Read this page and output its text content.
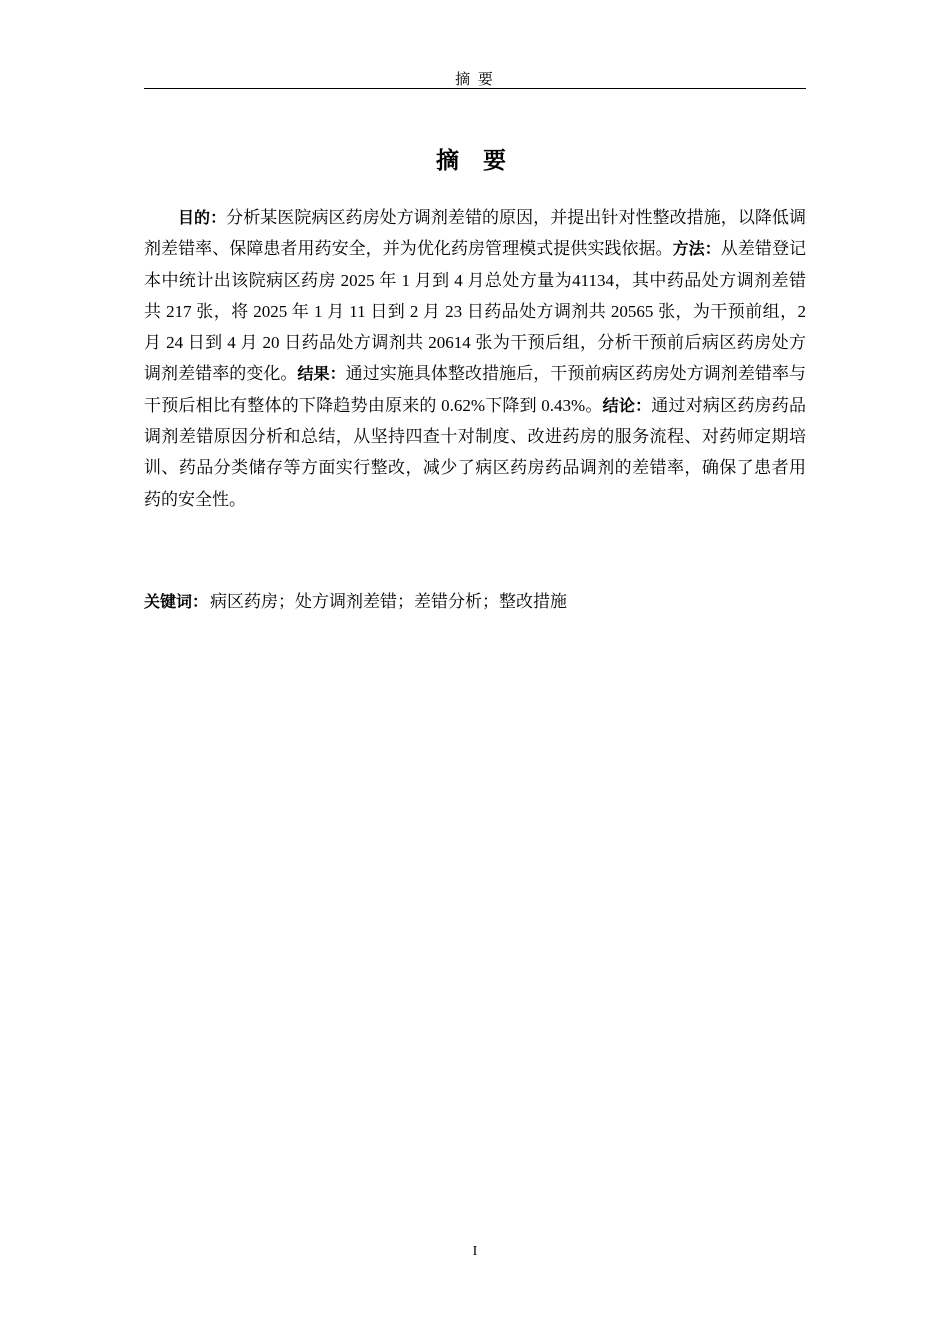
摘 要
摘 要

目的：分析某医院病区药房处方调剂差错的原因，并提出针对性整改措施，以降低调剂差错率、保障患者用药安全，并为优化药房管理模式提供实践依据。方法：从差错登记本中统计出该院病区药房 2025 年 1 月到 4 月总处方量为41134，其中药品处方调剂差错共 217 张，将 2025 年 1 月 11 日到 2 月 23 日药品处方调剂共 20565 张，为干预前组，2 月 24 日到 4 月 20 日药品处方调剂共 20614 张为干预后组，分析干预前后病区药房处方调剂差错率的变化。结果：通过实施具体整改措施后，干预前病区药房处方调剂差错率与干预后相比有整体的下降趋势由原来的 0.62%下降到 0.43%。结论：通过对病区药房药品调剂差错原因分析和总结，从坚持四查十对制度、改进药房的服务流程、对药师定期培训、药品分类储存等方面实行整改，减少了病区药房药品调剂的差错率，确保了患者用药的安全性。

关键词： 病区药房；处方调剂差错；差错分析；整改措施
I
